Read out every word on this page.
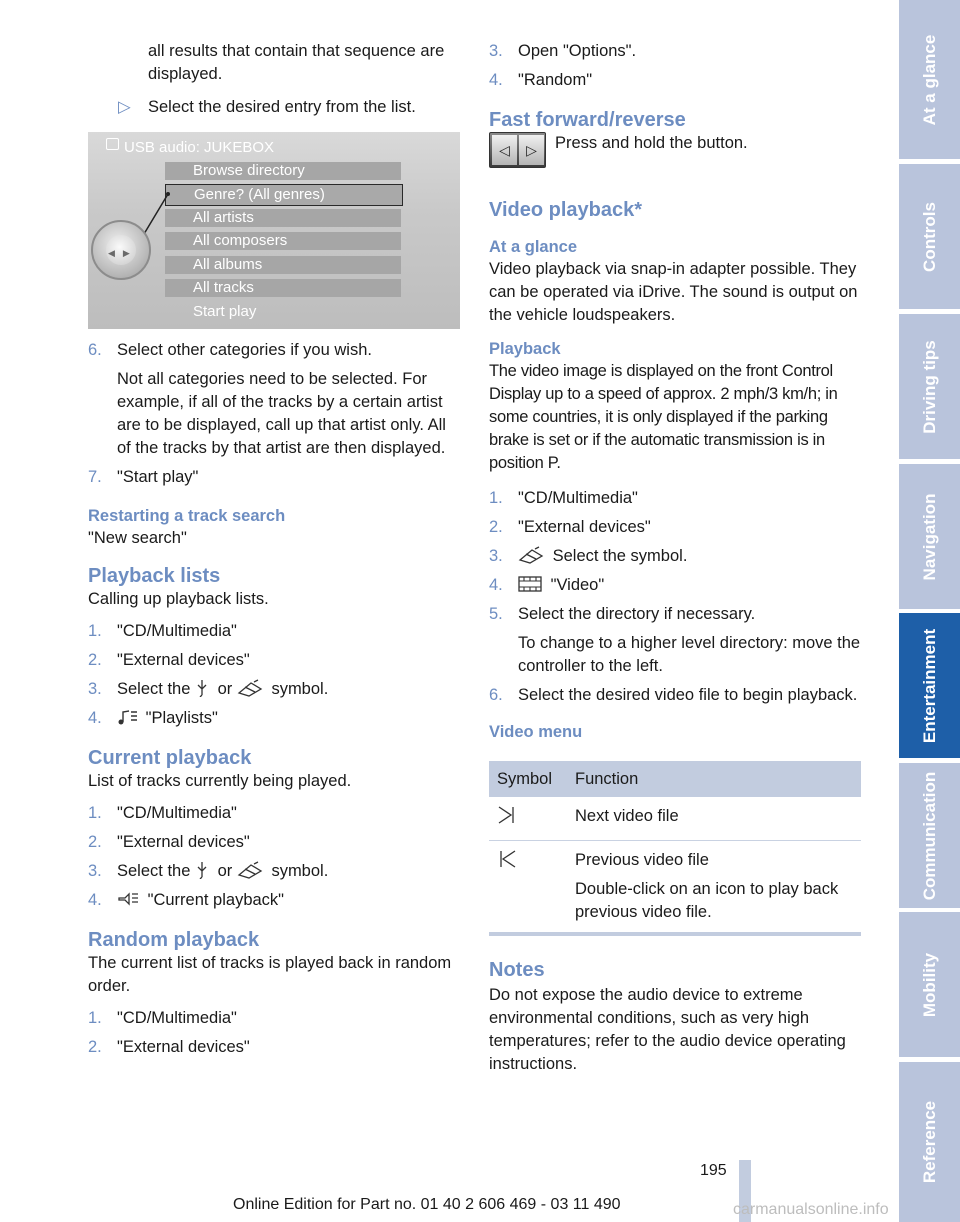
all results that contain that sequence are displayed.

▷	Select the desired entry from the list.
USB audio: JUKEBOX
Browse directory
Genre? (All genres)
All artists
All composers
All albums
All tracks
Start play
◀▶
6. Select other categories if you wish.

Not all categories need to be selected. For example, if all of the tracks by a certain artist are to be displayed, call up that artist only. All of the tracks by that artist are then displayed.

7. "Start play"
Restarting a track search

"New search"

Playback lists

Calling up playback lists.

1. "CD/Multimedia"
2. "External devices"
3. Select the or symbol.
4.	"Playlists"
Current playback

List of tracks currently being played.

1. "CD/Multimedia"
2. "External devices"
3. Select the or symbol.
4.	"Current playback"
Random playback

The current list of tracks is played back in random order.

1. "CD/Multimedia"
2. "External devices"
3. Open "Options".
4. "Random"
Fast forward/reverse
◁	▷	Press and hold the button.

Video playback*
At a glance

Video playback via snap-in adapter possible. They can be operated via iDrive. The sound is output on the vehicle loudspeakers.

Playback

The video image is displayed on the front Control Display up to a speed of approx. 2 mph/3 km/h; in some countries, it is only displayed if the parking brake is set or if the automatic transmission is in position P.

1. "CD/Multimedia"
2. "External devices"
3.	Select the symbol.
4.	"Video"
5. Select the directory if necessary.

To change to a higher level directory: move the controller to the left.

6. Select the desired video file to begin playback.
Video menu
Symbol	Function
	Next video file

Previous video file
Double-click on an icon to play back previous video file.
Notes

Do not expose the audio device to extreme environmental conditions, such as very high temperatures; refer to the audio device operating instructions.

At a glance
Controls
Driving tips
Navigation
Entertainment
Communication
Mobility
Reference
195
Online Edition for Part no. 01 40 2 606 469 - 03 11 490	carmanualsonline.info
